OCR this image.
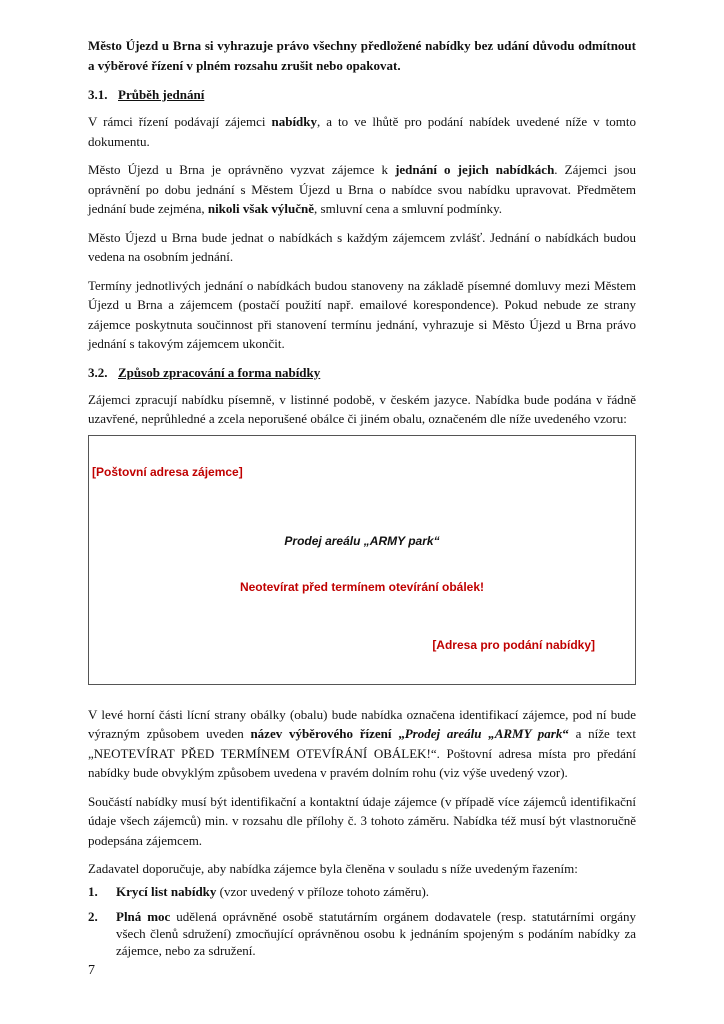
Město Újezd u Brna si vyhrazuje právo všechny předložené nabídky bez udání důvodu odmítnout a výběrové řízení v plném rozsahu zrušit nebo opakovat.

3.1. Průběh jednání

V rámci řízení podávají zájemci nabídky, a to ve lhůtě pro podání nabídek uvedené níže v tomto dokumentu.

Město Újezd u Brna je oprávněno vyzvat zájemce k jednání o jejich nabídkách. Zájemci jsou oprávnění po dobu jednání s Městem Újezd u Brna o nabídce svou nabídku upravovat. Předmětem jednání bude zejména, nikoli však výlučně, smluvní cena a smluvní podmínky.

Město Újezd u Brna bude jednat o nabídkách s každým zájemcem zvlášť. Jednání o nabídkách budou vedena na osobním jednání.

Termíny jednotlivých jednání o nabídkách budou stanoveny na základě písemné domluvy mezi Městem Újezd u Brna a zájemcem (postačí použití např. emailové korespondence). Pokud nebude ze strany zájemce poskytnuta součinnost při stanovení termínu jednání, vyhrazuje si Město Újezd u Brna právo jednání s takovým zájemcem ukončit.

3.2. Způsob zpracování a forma nabídky

Zájemci zpracují nabídku písemně, v listinné podobě, v českém jazyce. Nabídka bude podána v řádně uzavřené, neprůhledné a zcela neporušené obálce či jiném obalu, označeném dle níže uvedeného vzoru:

[Poštovní adresa zájemce]
Prodej areálu „ARMY park“
Neotevírat před termínem otevírání obálek!
[Adresa pro podání nabídky]

V levé horní části lícní strany obálky (obalu) bude nabídka označena identifikací zájemce, pod ní bude výrazným způsobem uveden název výběrového řízení „Prodej areálu „ARMY park“ a níže text „NEOTEVÍRAT PŘED TERMÍNEM OTEVÍRÁNÍ OBÁLEK!“. Poštovní adresa místa pro předání nabídky bude obvyklým způsobem uvedena v pravém dolním rohu (viz výše uvedený vzor).

Součástí nabídky musí být identifikační a kontaktní údaje zájemce (v případě více zájemců identifikační údaje všech zájemců) min. v rozsahu dle přílohy č. 3 tohoto záměru. Nabídka též musí být vlastnoručně podepsána zájemcem.

Zadavatel doporučuje, aby nabídka zájemce byla členěna v souladu s níže uvedeným řazením:

1. Krycí list nabídky (vzor uvedený v příloze tohoto záměru).
2. Plná moc udělená oprávněné osobě statutárním orgánem dodavatele (resp. statutárními orgány všech členů sdružení) zmocňující oprávněnou osobu k jednáním spojeným s podáním nabídky za zájemce, nebo za sdružení.
7
